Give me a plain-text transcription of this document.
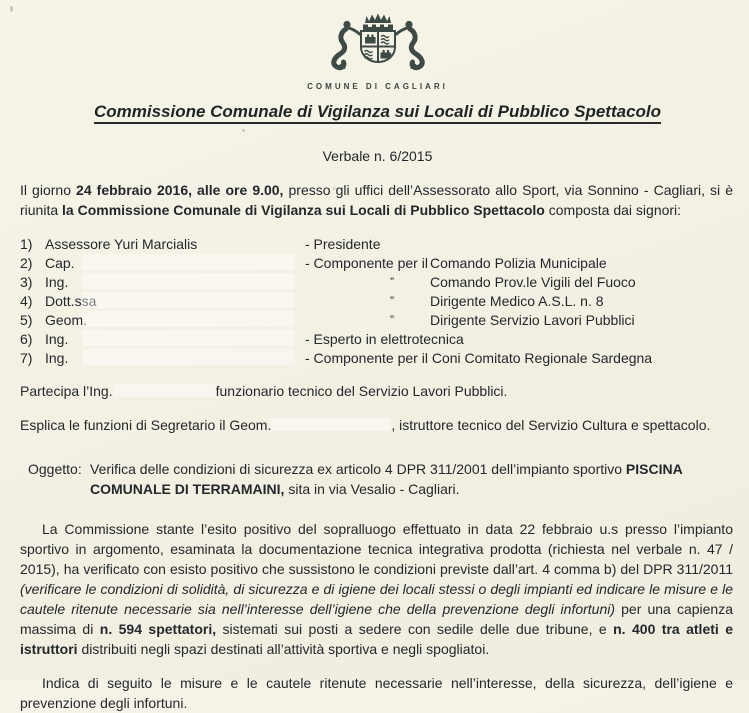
COMUNE DI CAGLIARI
Commissione Comunale di Vigilanza sui Locali di Pubblico Spettacolo
Verbale n. 6/2015

Il giorno 24 febbraio 2016, alle ore 9.00, presso gli uffici dell’Assessorato allo Sport, via Sonnino - Cagliari, si è riunita la Commissione Comunale di Vigilanza sui Locali di Pubblico Spettacolo composta dai signori:

1) Assessore Yuri Marcialis	- Presidente
2) Cap.	- Componente per il Comando Polizia Municipale
3) Ing.	”	Comando Prov.le Vigili del Fuoco
4) Dott.ssa	”	Dirigente Medico A.S.L. n. 8
5) Geom.	”	Dirigente Servizio Lavori Pubblici
6) Ing.	- Esperto in elettrotecnica
7) Ing.	- Componente per il Coni Comitato Regionale Sardegna

Partecipa l’Ing.	funzionario tecnico del Servizio Lavori Pubblici.

Esplica le funzioni di Segretario il Geom.	, istruttore tecnico del Servizio Cultura e spettacolo.

Oggetto: Verifica delle condizioni di sicurezza ex articolo 4 DPR 311/2001 dell’impianto sportivo PISCINA COMUNALE DI TERRAMAINI, sita in via Vesalio - Cagliari.

La Commissione stante l’esito positivo del sopralluogo effettuato in data 22 febbraio u.s presso l’impianto sportivo in argomento, esaminata la documentazione tecnica integrativa prodotta (richiesta nel verbale n. 47 / 2015), ha verificato con esisto positivo che sussistono le condizioni previste dall’art. 4 comma b) del DPR 311/2011 (verificare le condizioni di solidità, di sicurezza e di igiene dei locali stessi o degli impianti ed indicare le misure e le cautele ritenute necessarie sia nell’interesse dell’igiene che della prevenzione degli infortuni) per una capienza massima di n. 594 spettatori, sistemati sui posti a sedere con sedile delle due tribune, e n. 400 tra atleti e istruttori distribuiti negli spazi destinati all’attività sportiva e negli spogliatoi.

Indica di seguito le misure e le cautele ritenute necessarie nell’interesse, della sicurezza, dell’igiene e prevenzione degli infortuni.
